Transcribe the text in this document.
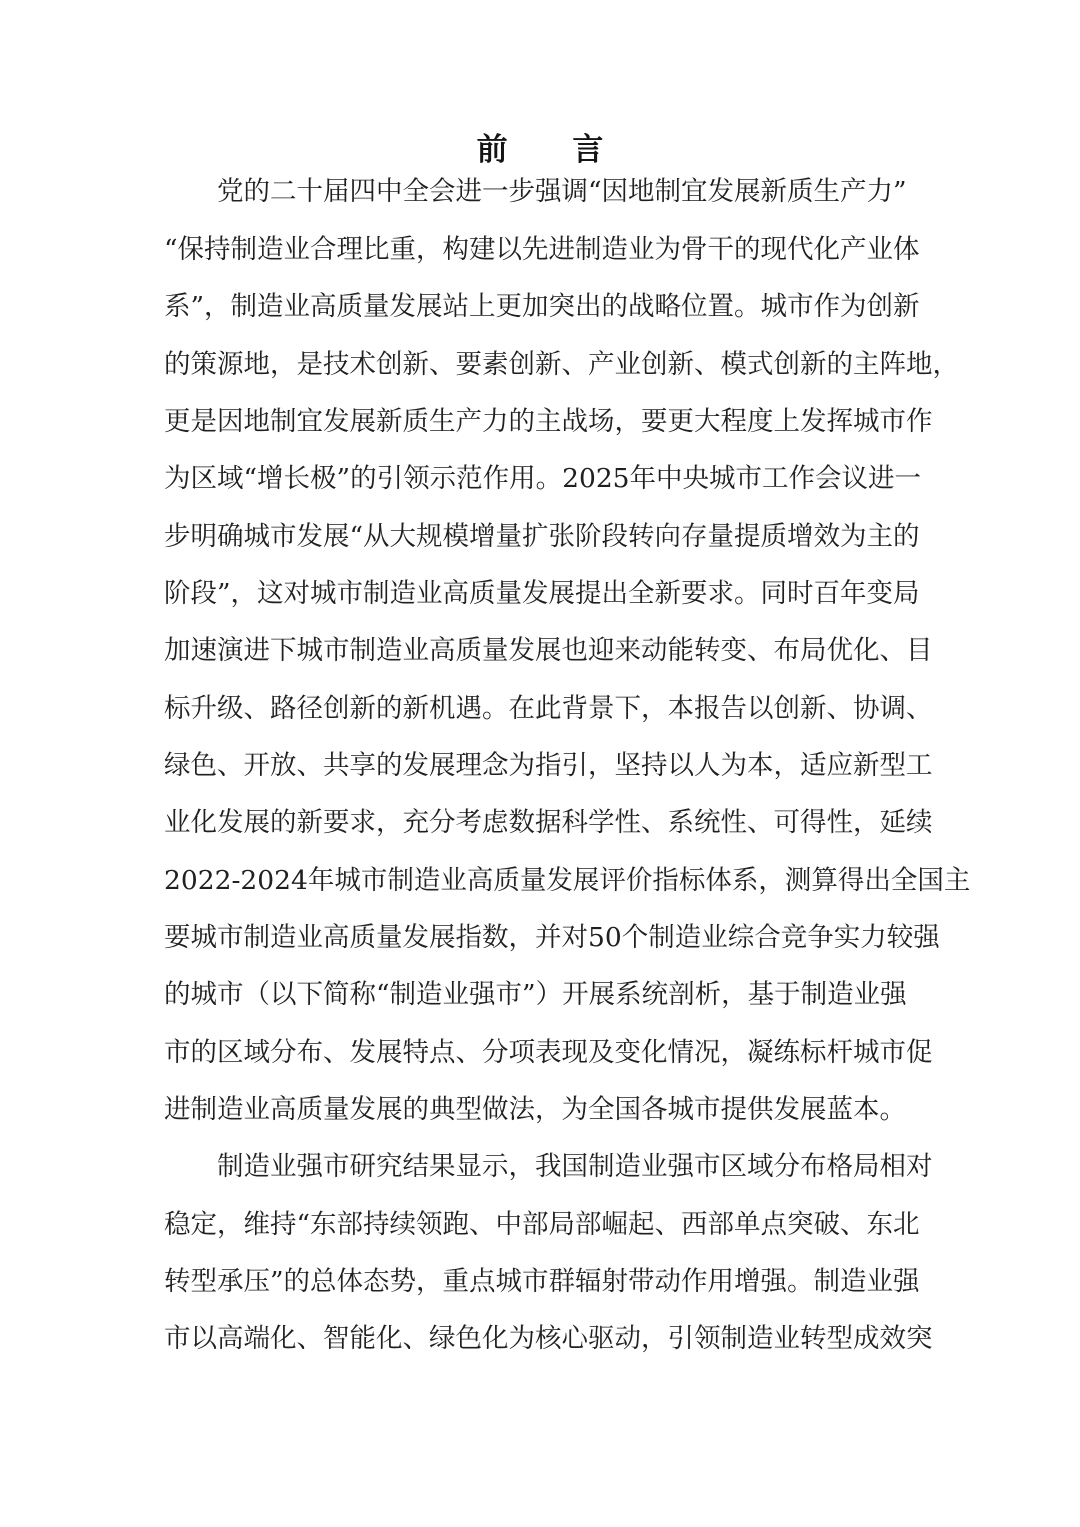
前 言
党的二十届四中全会进一步强调“因地制宜发展新质生产力”
“保持制造业合理比重，构建以先进制造业为骨干的现代化产业体
系”，制造业高质量发展站上更加突出的战略位置。城市作为创新
的策源地，是技术创新、要素创新、产业创新、模式创新的主阵地，
更是因地制宜发展新质生产力的主战场，要更大程度上发挥城市作
为区域“增长极”的引领示范作用。2025年中央城市工作会议进一
步明确城市发展“从大规模增量扩张阶段转向存量提质增效为主的
阶段”，这对城市制造业高质量发展提出全新要求。同时百年变局
加速演进下城市制造业高质量发展也迎来动能转变、布局优化、目
标升级、路径创新的新机遇。在此背景下，本报告以创新、协调、
绿色、开放、共享的发展理念为指引，坚持以人为本，适应新型工
业化发展的新要求，充分考虑数据科学性、系统性、可得性，延续
2022-2024年城市制造业高质量发展评价指标体系，测算得出全国主
要城市制造业高质量发展指数，并对50个制造业综合竞争实力较强
的城市（以下简称“制造业强市”）开展系统剖析，基于制造业强
市的区域分布、发展特点、分项表现及变化情况，凝练标杆城市促
进制造业高质量发展的典型做法，为全国各城市提供发展蓝本。
制造业强市研究结果显示，我国制造业强市区域分布格局相对
稳定，维持“东部持续领跑、中部局部崛起、西部单点突破、东北
转型承压”的总体态势，重点城市群辐射带动作用增强。制造业强
市以高端化、智能化、绿色化为核心驱动，引领制造业转型成效突
